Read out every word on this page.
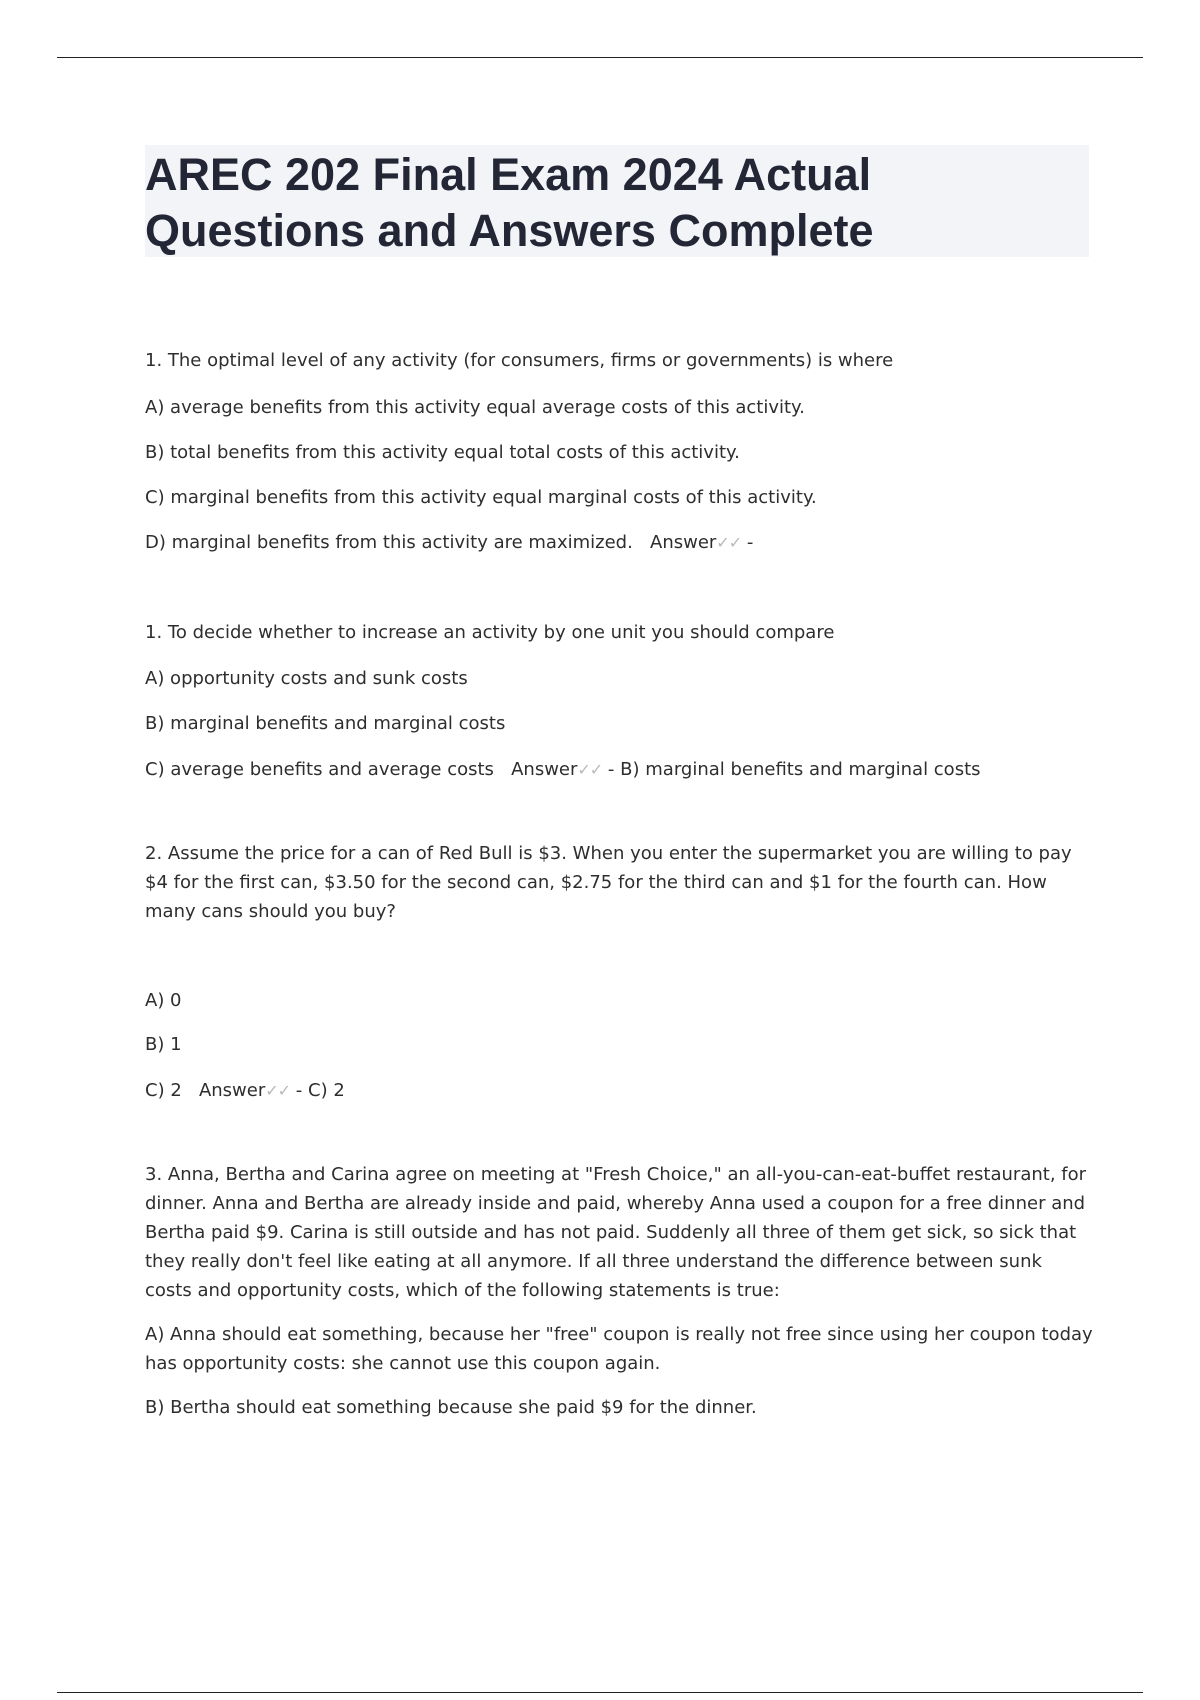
AREC 202 Final Exam 2024 Actual
Questions and Answers Complete

1. The optimal level of any activity (for consumers, firms or governments) is where

A) average benefits from this activity equal average costs of this activity.

B) total benefits from this activity equal total costs of this activity.

C) marginal benefits from this activity equal marginal costs of this activity.

D) marginal benefits from this activity are maximized. Answer✓✓ -

1. To decide whether to increase an activity by one unit you should compare

A) opportunity costs and sunk costs

B) marginal benefits and marginal costs

C) average benefits and average costs Answer✓✓ - B) marginal benefits and marginal costs

2. Assume the price for a can of Red Bull is $3. When you enter the supermarket you are willing to pay

$4 for the first can, $3.50 for the second can, $2.75 for the third can and $1 for the fourth can. How

many cans should you buy?

A) 0

B) 1

C) 2 Answer✓✓ - C) 2

3. Anna, Bertha and Carina agree on meeting at "Fresh Choice," an all-you-can-eat-buffet restaurant, for

dinner. Anna and Bertha are already inside and paid, whereby Anna used a coupon for a free dinner and

Bertha paid $9. Carina is still outside and has not paid. Suddenly all three of them get sick, so sick that

they really don't feel like eating at all anymore. If all three understand the difference between sunk

costs and opportunity costs, which of the following statements is true:

A) Anna should eat something, because her "free" coupon is really not free since using her coupon today

has opportunity costs: she cannot use this coupon again.

B) Bertha should eat something because she paid $9 for the dinner.
